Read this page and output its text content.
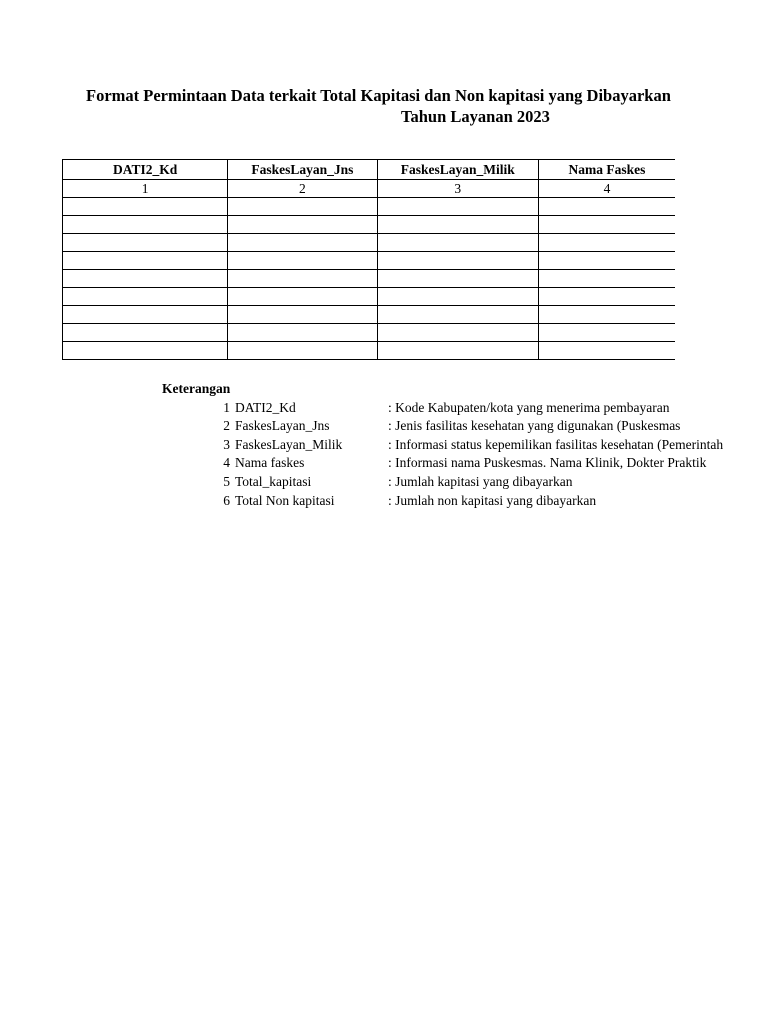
Format Permintaan Data terkait Total Kapitasi dan Non kapitasi yang Dibayarkan
Tahun Layanan 2023
DATI2_Kd	FaskesLayan_Jns	FaskesLayan_Milik	Nama Faskes
1	2	3	4

Keterangan
1 DATI2_Kd	: Kode Kabupaten/kota yang menerima pembayaran
2 FaskesLayan_Jns	: Jenis fasilitas kesehatan yang digunakan (Puskesmas
3 FaskesLayan_Milik	: Informasi status kepemilikan fasilitas kesehatan (Pemerintah
4 Nama faskes	: Informasi nama Puskesmas. Nama Klinik, Dokter Praktik
5 Total_kapitasi	: Jumlah kapitasi yang dibayarkan
6 Total Non kapitasi	: Jumlah non kapitasi yang dibayarkan
